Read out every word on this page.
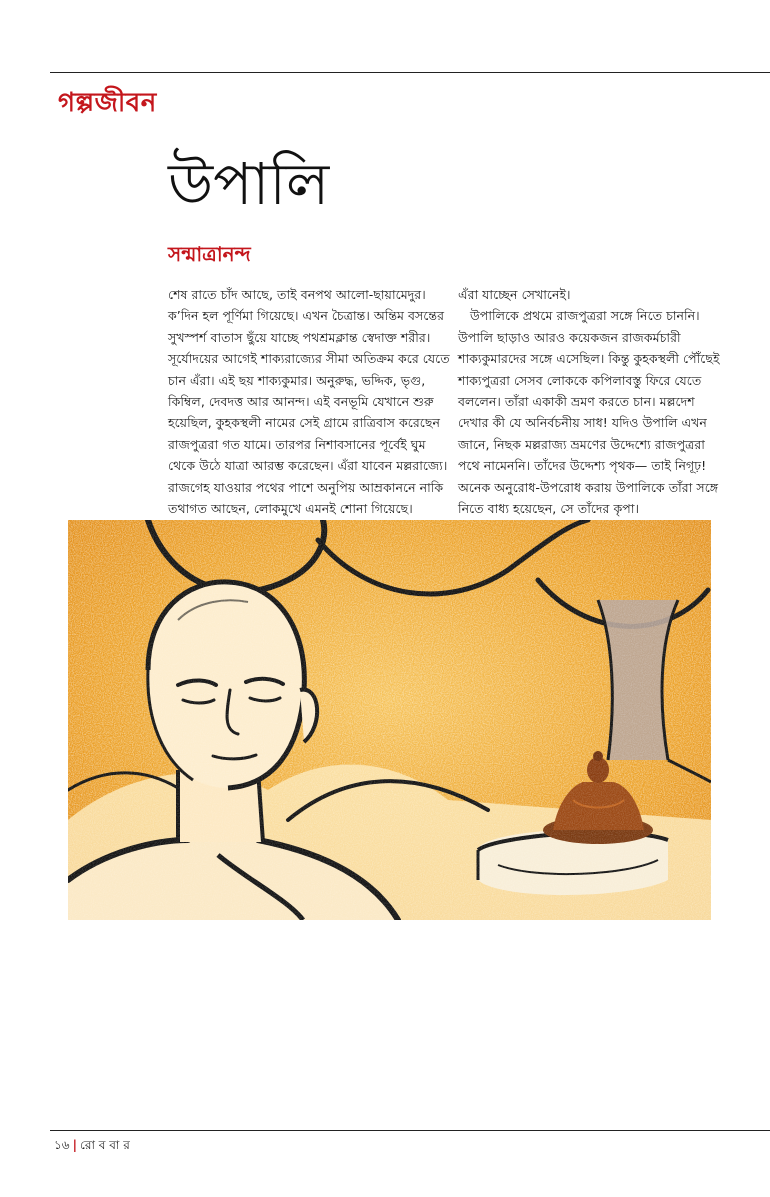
গল্পজীবন
উপালি
সন্মাত্রানন্দ

শেষ রাতে চাঁদ আছে, তাই বনপথ আলো-ছায়ামেদুর। ক’দিন হল পূর্ণিমা গিয়েছে। এখন চৈত্রান্ত। অন্তিম বসন্তের সুখস্পর্শ বাতাস ছুঁয়ে যাচ্ছে পথশ্রমক্লান্ত স্বেদাক্ত শরীর। সূর্যোদয়ের আগেই শাক্যরাজ্যের সীমা অতিক্রম করে যেতে চান এঁরা। এই ছয় শাক্যকুমার। অনুরুদ্ধ, ভদ্দিক, ভৃগু, কিম্বিল, দেবদত্ত আর আনন্দ। এই বনভূমি যেখানে শুরু হয়েছিল, কুহকস্থলী নামের সেই গ্রামে রাত্রিবাস করেছেন রাজপুত্ররা গত যামে। তারপর নিশাবসানের পূর্বেই ঘুম থেকে উঠে যাত্রা আরম্ভ করেছেন। এঁরা যাবেন মল্লরাজ্যে। রাজগেহ যাওয়ার পথের পাশে অনুপিয় আম্রকাননে নাকি তথাগত আছেন, লোকমুখে এমনই শোনা গিয়েছে।

এঁরা যাচ্ছেন সেখানেই।

উপালিকে প্রথমে রাজপুত্ররা সঙ্গে নিতে চাননি। উপালি ছাড়াও আরও কয়েকজন রাজকর্মচারী শাক্যকুমারদের সঙ্গে এসেছিল। কিন্তু কুহকস্থলী পৌঁছেই শাক্যপুত্ররা সেসব লোককে কপিলাবস্তু ফিরে যেতে বললেন। তাঁরা একাকী ভ্রমণ করতে চান। মল্লদেশ দেখার কী যে অনির্বচনীয় সাধ! যদিও উপালি এখন জানে, নিছক মল্লরাজ্য ভ্রমণের উদ্দেশ্যে রাজপুত্ররা পথে নামেননি। তাঁদের উদ্দেশ্য পৃথক— তাই নিগূঢ়! অনেক অনুরোধ-উপরোধ করায় উপালিকে তাঁরা সঙ্গে নিতে বাধ্য হয়েছেন, সে তাঁদের কৃপা।

১৬ | রো ব বা র
